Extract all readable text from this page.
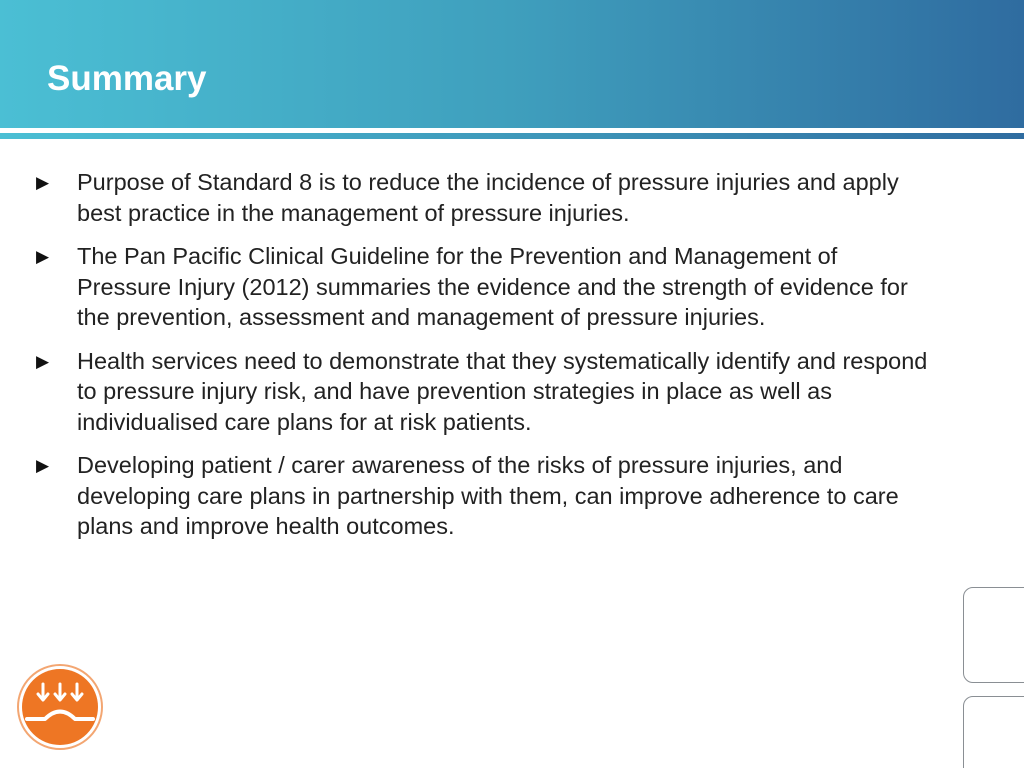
Summary
▶ Purpose of Standard 8 is to reduce the incidence of pressure injuries and apply best practice in the management of pressure injuries.
▶ The Pan Pacific Clinical Guideline for the Prevention and Management of Pressure Injury (2012) summaries the evidence and the strength of evidence for the prevention, assessment and management of pressure injuries.
▶ Health services need to demonstrate that they systematically identify and respond to pressure injury risk, and have prevention strategies in place as well as individualised care plans for at risk patients.
▶ Developing patient / carer awareness of the risks of pressure injuries, and developing care plans in partnership with them, can improve adherence to care plans and improve health outcomes.
